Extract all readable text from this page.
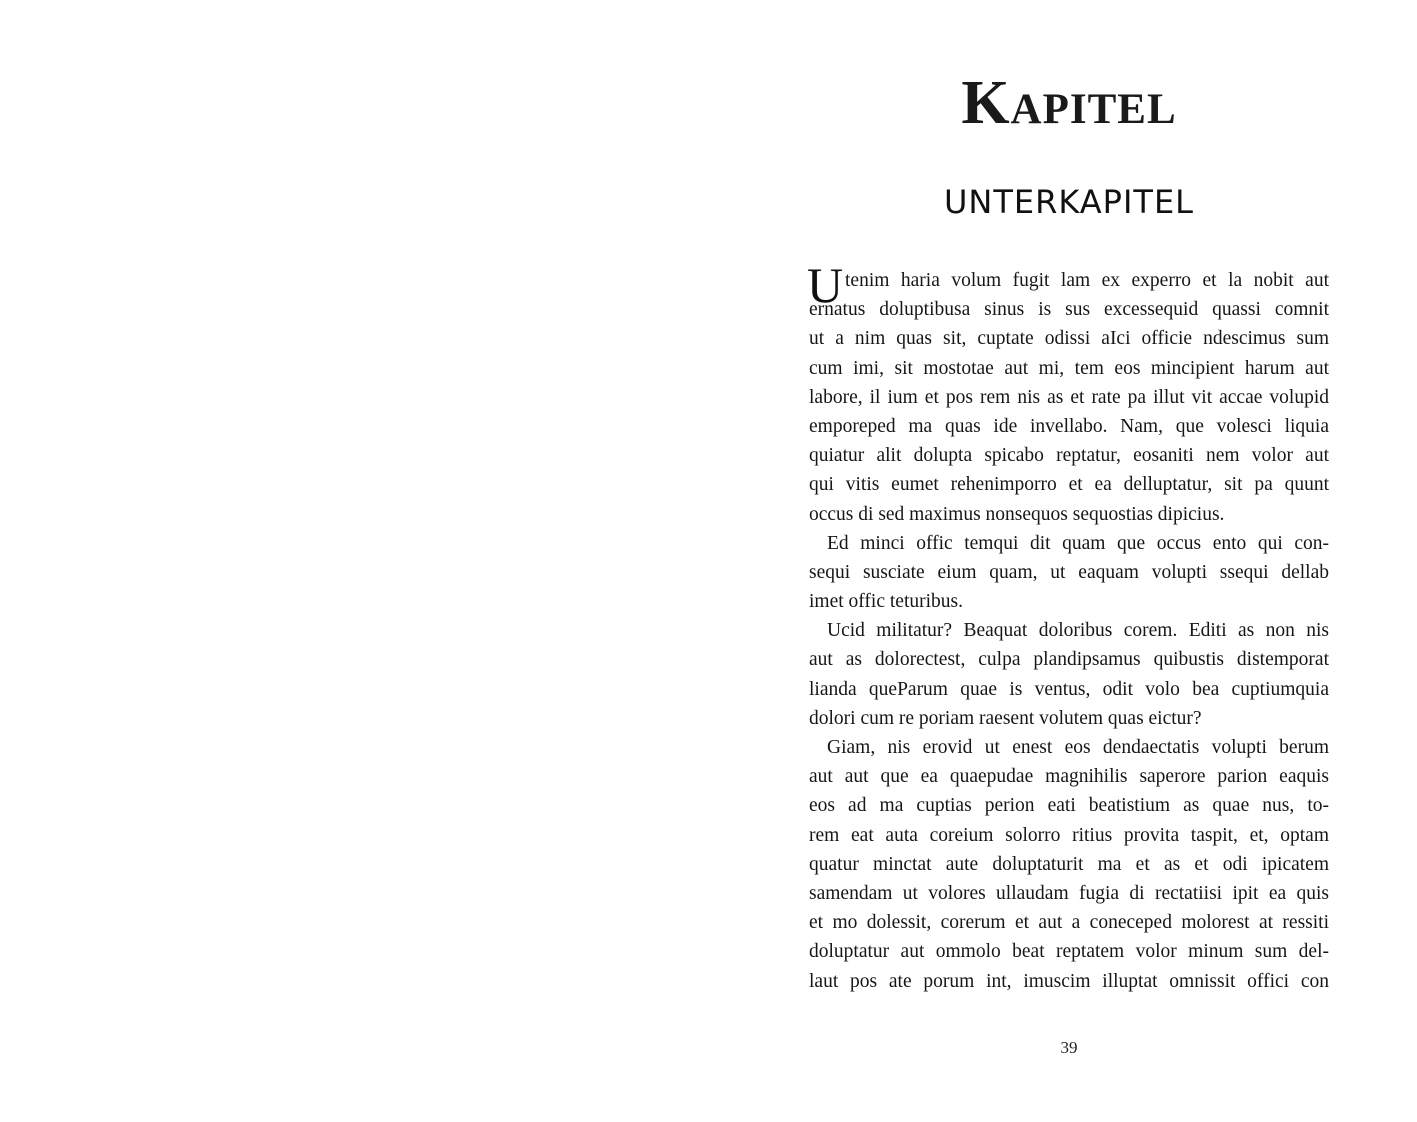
Kapitel
UNTERKAPITEL
U tenim haria volum fugit lam ex experro et la nobit aut
ernatus doluptibusa sinus is sus excessequid quassi comnit
ut a nim quas sit, cuptate odissi aIci officie ndescimus sum
cum imi, sit mostotae aut mi, tem eos mincipient harum aut
labore, il ium et pos rem nis as et rate pa illut vit accae volupid
emporeped ma quas ide invellabo. Nam, que volesci liquia
quiatur alit dolupta spicabo reptatur, eosaniti nem volor aut
qui vitis eumet rehenimporro et ea delluptatur, sit pa quunt
occus di sed maximus nonsequos sequostias dipicius.
Ed minci offic temqui dit quam que occus ento qui con-
sequi susciate eium quam, ut eaquam volupti ssequi dellab
imet offic teturibus.
Ucid militatur? Beaquat doloribus corem. Editi as non nis
aut as dolorectest, culpa plandipsamus quibustis distemporat
lianda queParum quae is ventus, odit volo bea cuptiumquia
dolori cum re poriam raesent volutem quas eictur?
Giam, nis erovid ut enest eos dendaectatis volupti berum
aut aut que ea quaepudae magnihilis saperore parion eaquis
eos ad ma cuptias perion eati beatistium as quae nus, to-
rem eat auta coreium solorro ritius provita taspit, et, optam
quatur minctat aute doluptaturit ma et as et odi ipicatem
samendam ut volores ullaudam fugia di rectatiisi ipit ea quis
et mo dolessit, corerum et aut a coneceped molorest at ressiti
doluptatur aut ommolo beat reptatem volor minum sum del-
laut pos ate porum int, imuscim illuptat omnissit offici con
39
